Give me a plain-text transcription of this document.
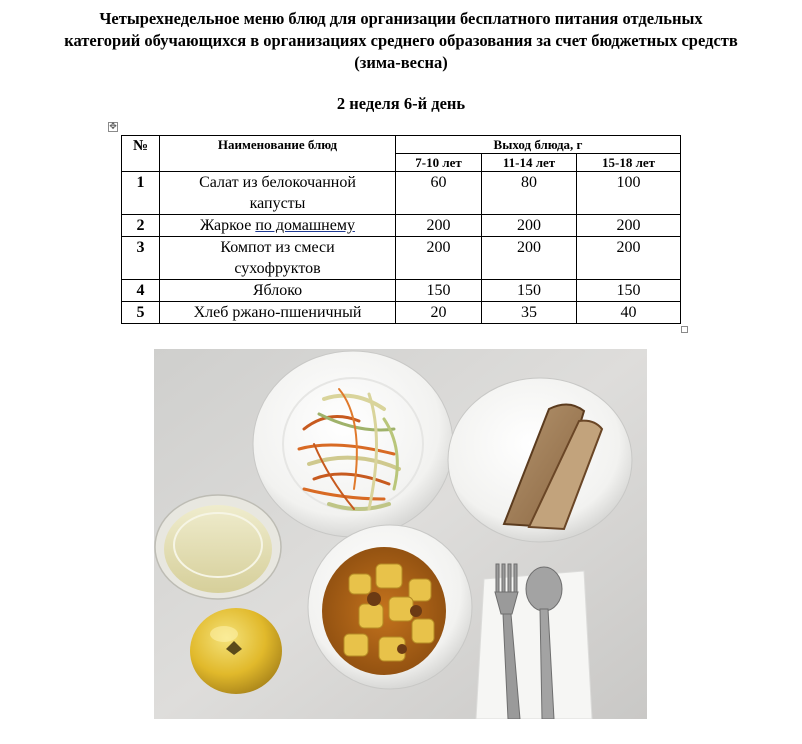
Четырехнедельное меню блюд для организации бесплатного питания отдельных
категорий обучающихся в организациях среднего образования за счет бюджетных средств
(зима-весна)
2 неделя 6-й день
✥
№	Наименование блюд	Выход блюда, г		
		7-10 лет	11-14 лет	15-18 лет
1	Салат из белокочанной
капусты	60	80	100
2	Жаркое по домашнему	200	200	200
3	Компот из смеси
сухофруктов	200	200	200
4	Яблоко	150	150	150
5	Хлеб ржано-пшеничный	20	35	40
